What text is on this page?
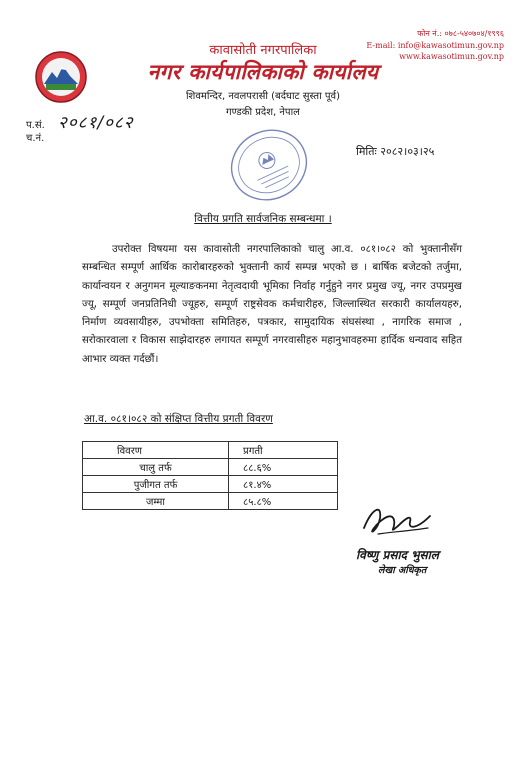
फोन नं.: ०७८-५४०७०४/१९९६
E-mail: info@kawasotimun.gov.np
www.kawasotimun.gov.np
कावासोती नगरपालिका
नगर कार्यपालिकाको कार्यालय
शिवमन्दिर, नवलपरासी (बर्दघाट सुस्ता पूर्व)
गण्डकी प्रदेश, नेपाल
प.सं. २०८१/०८२
च.नं.
मितिः २०८२।०३।२५
वित्तीय प्रगति सार्वजनिक सम्बन्धमा ।
उपरोक्त विषयमा यस कावासोती नगरपालिकाको चालु आ.व. ०८१।०८२ को भुक्तानीसँग सम्बन्धित सम्पूर्ण आर्थिक कारोबारहरुको भुक्तानी कार्य सम्पन्न भएको छ । बार्षिक बजेटको तर्जुमा, कार्यान्वयन र अनुगमन मूल्याङकनमा नेतृत्वदायी भूमिका निर्वाह गर्नुहुने नगर प्रमुख ज्यू, नगर उपप्रमुख ज्यू, सम्पूर्ण जनप्रतिनिधी ज्यूहरु, सम्पूर्ण राष्ट्रसेवक कर्मचारीहरु, जिल्लास्थित सरकारी कार्यालयहरु, निर्माण व्यवसायीहरु, उपभोक्ता समितिहरु, पत्रकार, सामुदायिक संघसंस्था , नागरिक समाज , सरोकारवाला र विकास साझेदारहरु लगायत सम्पूर्ण नगरवासीहरु महानुभावहरुमा हार्दिक धन्यवाद सहित आभार व्यक्त गर्दछौं।
आ.व. ०८१।०८२ को संक्षिप्त वित्तीय प्रगती विवरण
विवरण	प्रगती
चालु तर्फ	८८.६%
पुजीगत तर्फ	८१.४%
जम्मा	८५.८%
विष्णु प्रसाद भुसाल
लेखा अधिकृत
